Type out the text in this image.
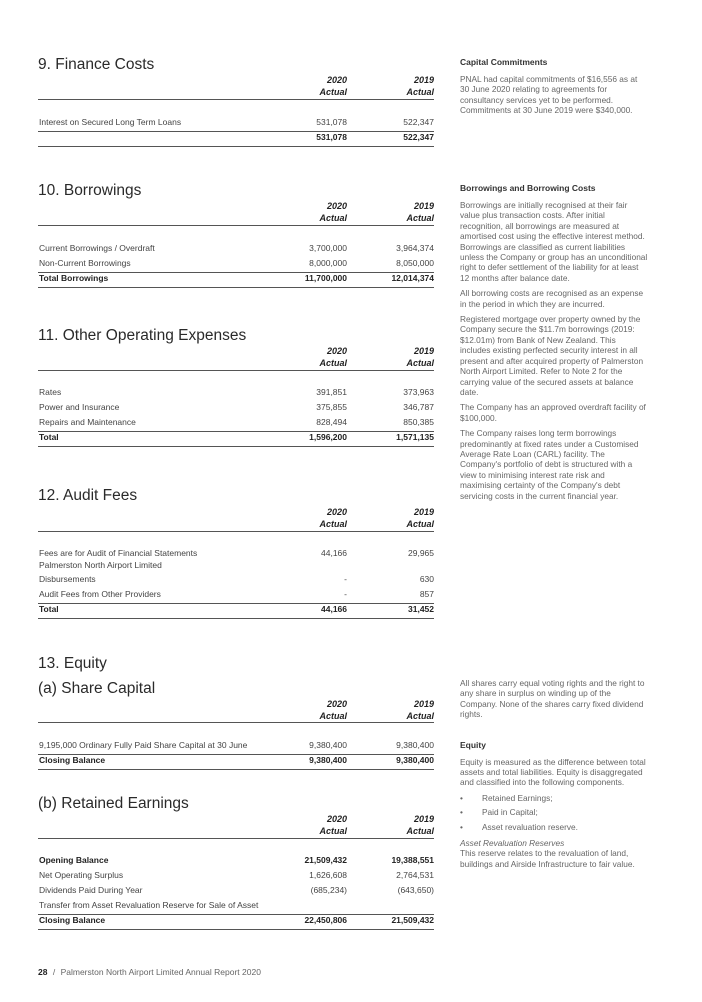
9. Finance Costs
2020
Actual
2019
Actual
Interest on Secured Long Term Loans	531,078	522,347
531,078	522,347
10. Borrowings
2020
Actual
2019
Actual
Current Borrowings / Overdraft	3,700,000	3,964,374
Non-Current Borrowings	8,000,000	8,050,000
Total Borrowings	11,700,000	12,014,374
11. Other Operating Expenses
2020
Actual
2019
Actual
Rates	391,851	373,963
Power and Insurance	375,855	346,787
Repairs and Maintenance	828,494	850,385
Total	1,596,200	1,571,135
12. Audit Fees
2020
Actual
2019
Actual
Fees are for Audit of Financial Statements
Palmerston North Airport Limited
44,166	29,965
Disbursements	-	630
Audit Fees from Other Providers	-	857
Total	44,166	31,452
13. Equity
(a) Share Capital
2020
Actual
2019
Actual
9,195,000 Ordinary Fully Paid Share Capital at 30 June	9,380,400	9,380,400
Closing Balance	9,380,400	9,380,400
(b) Retained Earnings
2020
Actual
2019
Actual
Opening Balance	21,509,432	19,388,551
Net Operating Surplus	1,626,608	2,764,531
Dividends Paid During Year	(685,234)	(643,650)
Transfer from Asset Revaluation Reserve for Sale of Asset
Closing Balance	22,450,806	21,509,432
Capital Commitments

PNAL had capital commitments of $16,556 as at 30 June 2020 relating to agreements for consultancy services yet to be performed. Commitments at 30 June 2019 were $340,000.

Borrowings and Borrowing Costs

Borrowings are initially recognised at their fair value plus transaction costs. After initial recognition, all borrowings are measured at amortised cost using the effective interest method. Borrowings are classified as current liabilities unless the Company or group has an unconditional right to defer settlement of the liability for at least 12 months after balance date.

All borrowing costs are recognised as an expense in the period in which they are incurred.

Registered mortgage over property owned by the Company secure the $11.7m borrowings (2019: $12.01m) from Bank of New Zealand. This includes existing perfected security interest in all present and after acquired property of Palmerston North Airport Limited. Refer to Note 2 for the carrying value of the secured assets at balance date.

The Company has an approved overdraft facility of $100,000.

The Company raises long term borrowings predominantly at fixed rates under a Customised Average Rate Loan (CARL) facility. The Company's portfolio of debt is structured with a view to minimising interest rate risk and maximising certainty of the Company's debt servicing costs in the current financial year.

All shares carry equal voting rights and the right to any share in surplus on winding up of the Company. None of the shares carry fixed dividend rights.

Equity

Equity is measured as the difference between total assets and total liabilities. Equity is disaggregated and classified into the following components.

• Retained Earnings;

• Paid in Capital;

• Asset revaluation reserve.

Asset Revaluation Reserves

This reserve relates to the revaluation of land, buildings and Airside Infrastructure to fair value.

28 / Palmerston North Airport Limited Annual Report 2020
